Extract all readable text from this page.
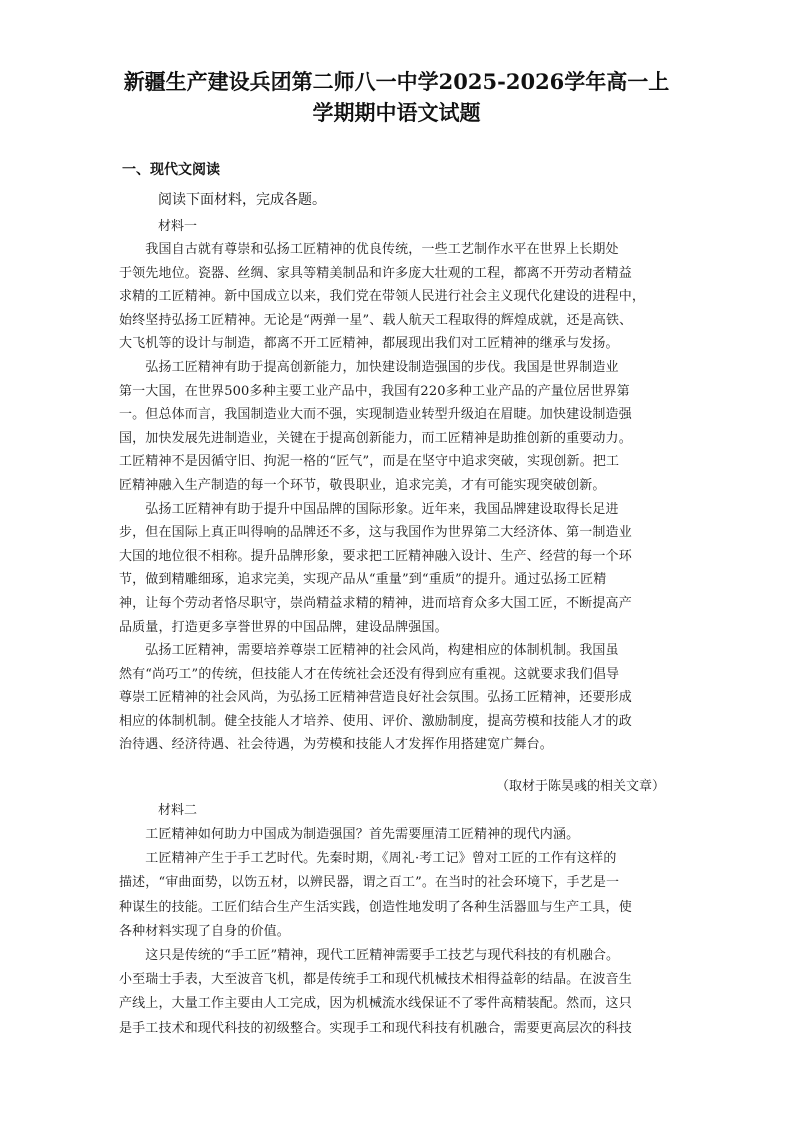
新疆生产建设兵团第二师八一中学2025-2026学年高一上
学期期中语文试题
一、现代文阅读
阅读下面材料，完成各题。
材料一
　　我国自古就有尊崇和弘扬工匠精神的优良传统，一些工艺制作水平在世界上长期处
于领先地位。瓷器、丝绸、家具等精美制品和许多庞大壮观的工程，都离不开劳动者精益
求精的工匠精神。新中国成立以来，我们党在带领人民进行社会主义现代化建设的进程中，
始终坚持弘扬工匠精神。无论是“两弹一星”、载人航天工程取得的辉煌成就，还是高铁、
大飞机等的设计与制造，都离不开工匠精神，都展现出我们对工匠精神的继承与发扬。
　　弘扬工匠精神有助于提高创新能力，加快建设制造强国的步伐。我国是世界制造业
第一大国，在世界500多种主要工业产品中，我国有220多种工业产品的产量位居世界第
一。但总体而言，我国制造业大而不强，实现制造业转型升级迫在眉睫。加快建设制造强
国，加快发展先进制造业，关键在于提高创新能力，而工匠精神是助推创新的重要动力。
工匠精神不是因循守旧、拘泥一格的“匠气”，而是在坚守中追求突破，实现创新。把工
匠精神融入生产制造的每一个环节，敬畏职业，追求完美，才有可能实现突破创新。
　　弘扬工匠精神有助于提升中国品牌的国际形象。近年来，我国品牌建设取得长足进
步，但在国际上真正叫得响的品牌还不多，这与我国作为世界第二大经济体、第一制造业
大国的地位很不相称。提升品牌形象，要求把工匠精神融入设计、生产、经营的每一个环
节，做到精雕细琢，追求完美，实现产品从“重量”到“重质”的提升。通过弘扬工匠精
神，让每个劳动者恪尽职守，崇尚精益求精的精神，进而培育众多大国工匠，不断提高产
品质量，打造更多享誉世界的中国品牌，建设品牌强国。
　　弘扬工匠精神，需要培养尊崇工匠精神的社会风尚，构建相应的体制机制。我国虽
然有“尚巧工”的传统，但技能人才在传统社会还没有得到应有重视。这就要求我们倡导
尊崇工匠精神的社会风尚，为弘扬工匠精神营造良好社会氛围。弘扬工匠精神，还要形成
相应的体制机制。健全技能人才培养、使用、评价、激励制度，提高劳模和技能人才的政
治待遇、经济待遇、社会待遇，为劳模和技能人才发挥作用搭建宽广舞台。
（取材于陈昊彧的相关文章）
材料二
　　工匠精神如何助力中国成为制造强国？首先需要厘清工匠精神的现代内涵。
　　工匠精神产生于手工艺时代。先秦时期，《周礼·考工记》曾对工匠的工作有这样的
描述，“审曲面势，以饬五材，以辨民器，谓之百工”。在当时的社会环境下，手艺是一
种谋生的技能。工匠们结合生产生活实践，创造性地发明了各种生活器皿与生产工具，使
各种材料实现了自身的价值。
　　这只是传统的“手工匠”精神，现代工匠精神需要手工技艺与现代科技的有机融合。
小至瑞士手表，大至波音飞机，都是传统手工和现代机械技术相得益彰的结晶。在波音生
产线上，大量工作主要由人工完成，因为机械流水线保证不了零件高精装配。然而，这只
是手工技术和现代科技的初级整合。实现手工和现代科技有机融合，需要更高层次的科技
